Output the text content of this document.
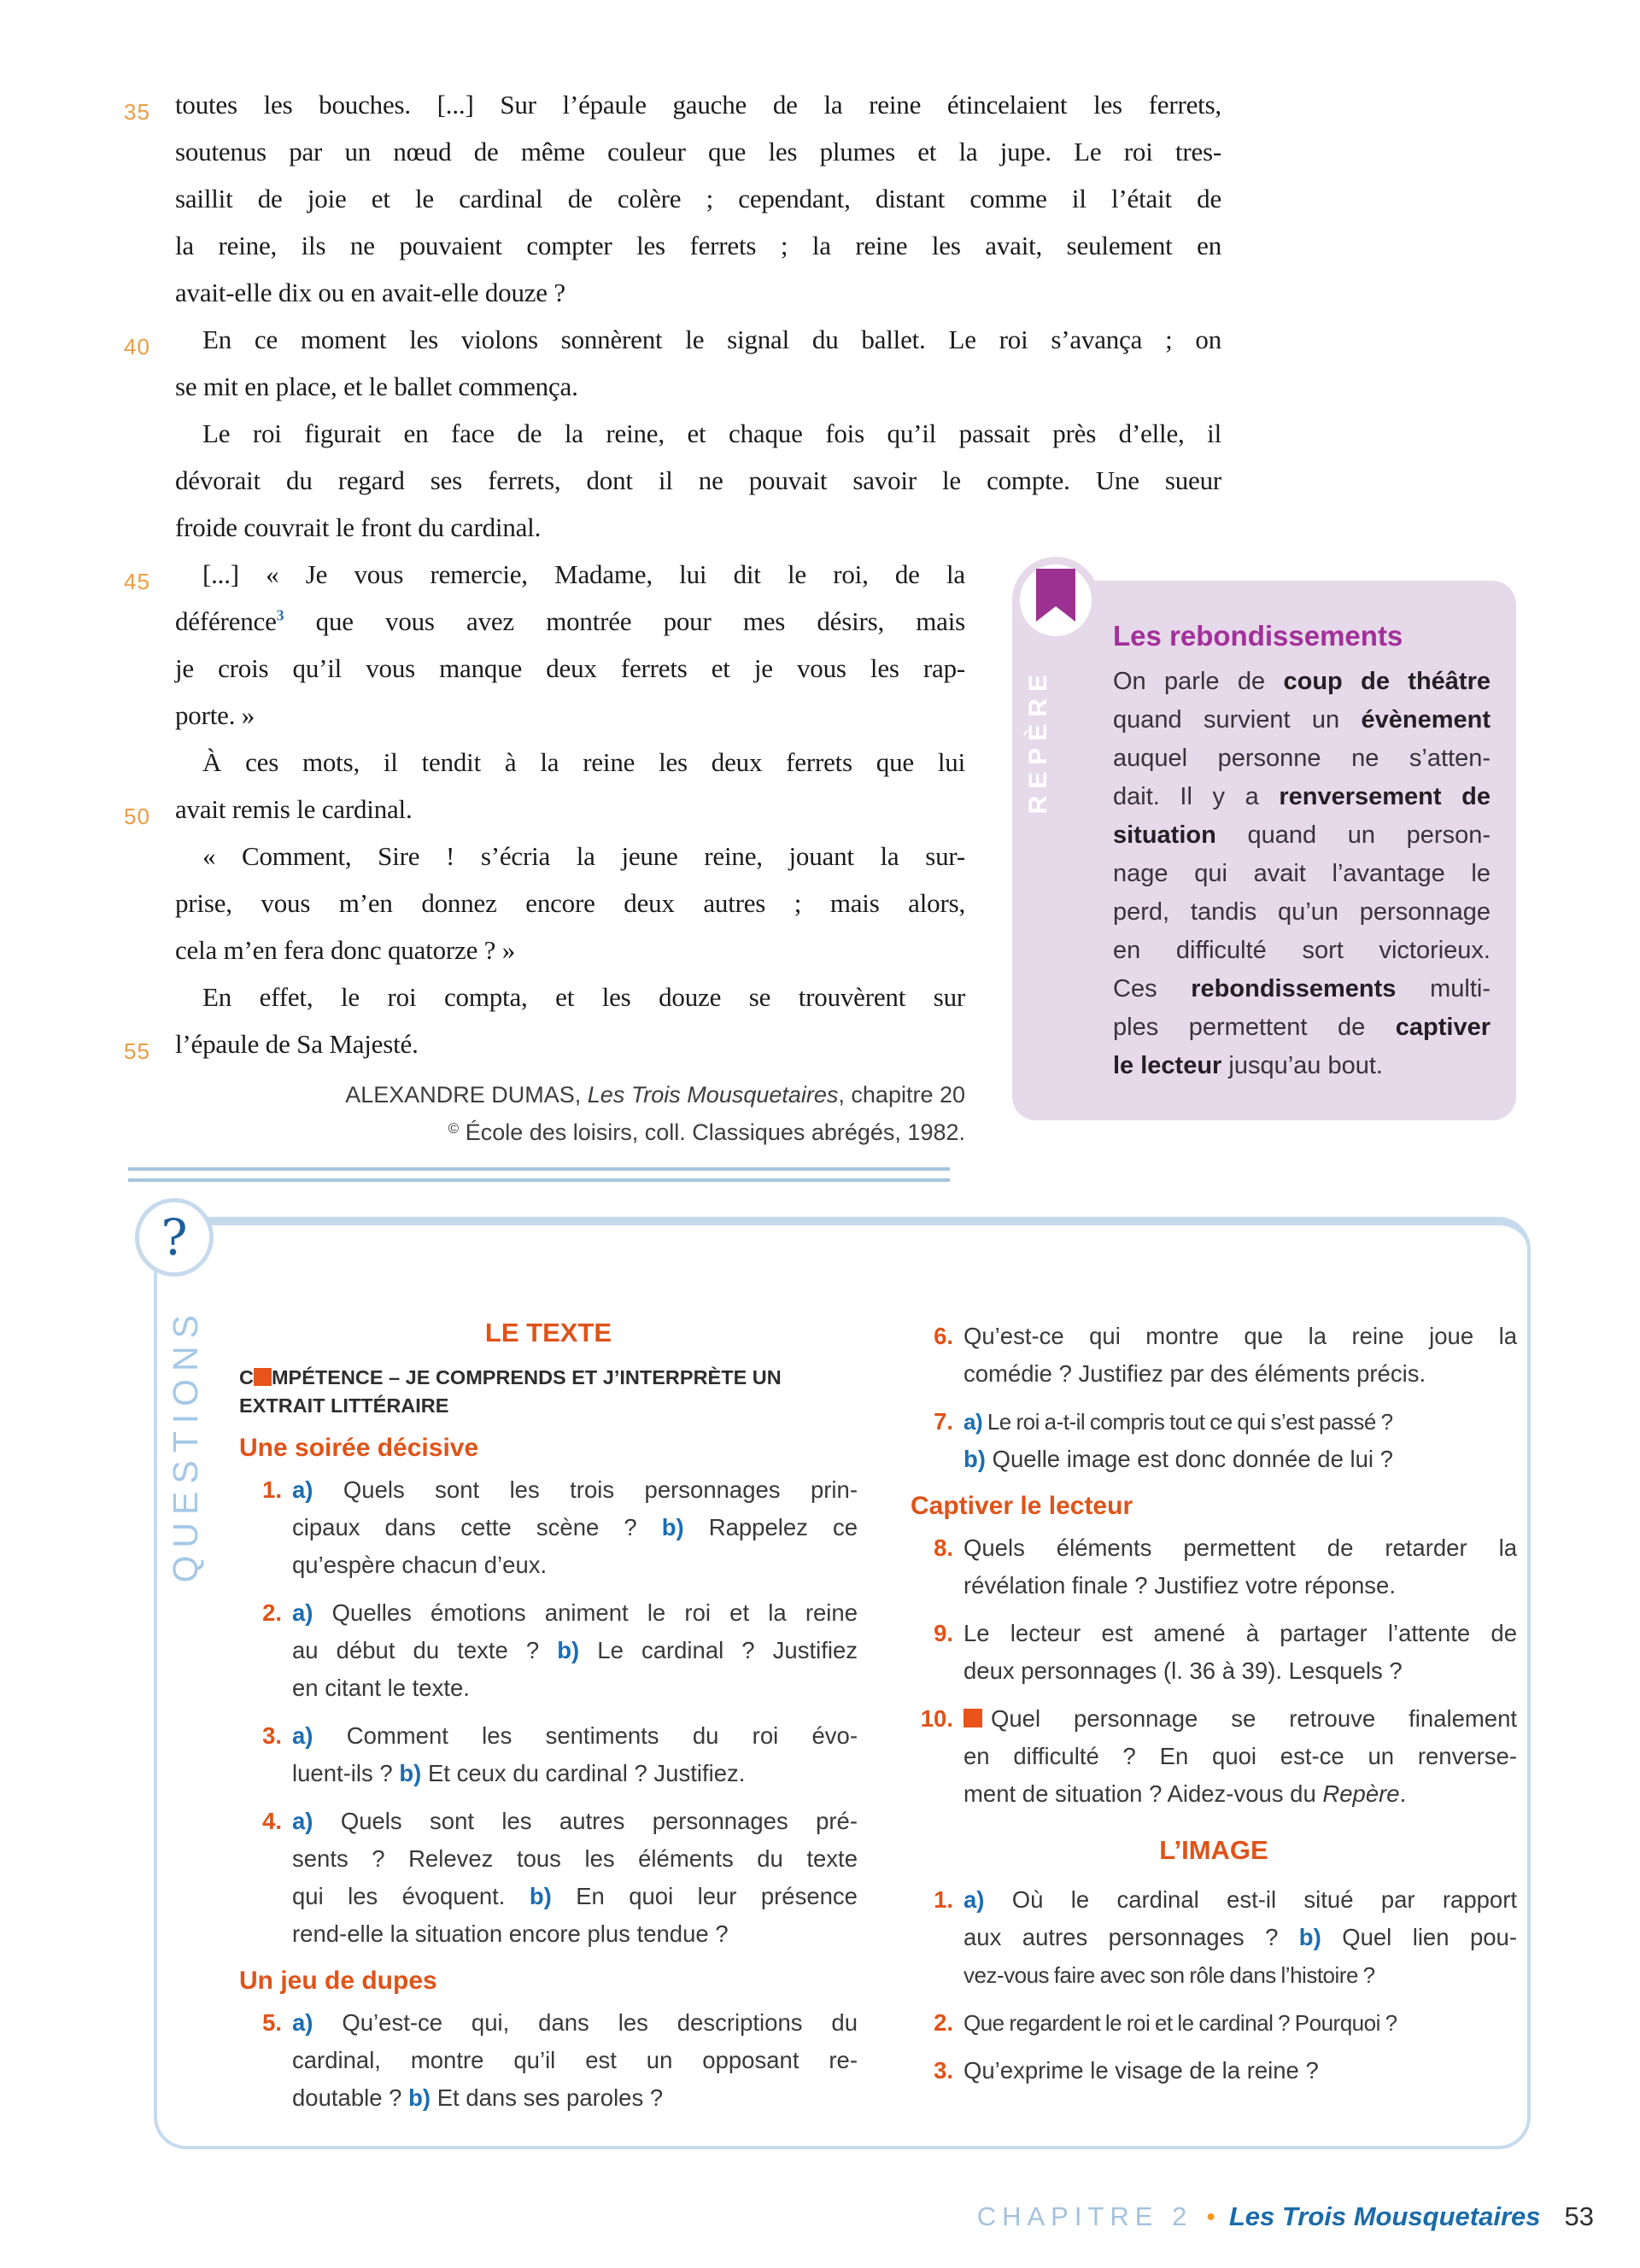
35 toutes les bouches. [...] Sur l’épaule gauche de la reine étincelaient les ferrets,
soutenus par un nœud de même couleur que les plumes et la jupe. Le roi tres-
saillit de joie et le cardinal de colère ; cependant, distant comme il l’était de
la reine, ils ne pouvaient compter les ferrets ; la reine les avait, seulement en
avait-elle dix ou en avait-elle douze ?
40 En ce moment les violons sonnèrent le signal du ballet. Le roi s’avança ; on
se mit en place, et le ballet commença.
Le roi figurait en face de la reine, et chaque fois qu’il passait près d’elle, il
dévorait du regard ses ferrets, dont il ne pouvait savoir le compte. Une sueur
froide couvrait le front du cardinal.
45 [...] « Je vous remercie, Madame, lui dit le roi, de la
déférence$^3$ que vous avez montrée pour mes désirs, mais
je crois qu’il vous manque deux ferrets et je vous les rap-
porte. »
À ces mots, il tendit à la reine les deux ferrets que lui
50 avait remis le cardinal.
« Comment, Sire ! s’écria la jeune reine, jouant la sur-
prise, vous m’en donnez encore deux autres ; mais alors,
cela m’en fera donc quatorze ? »
En effet, le roi compta, et les douze se trouvèrent sur
55 l’épaule de Sa Majesté.
ALEXANDRE DUMAS, Les Trois Mousquetaires, chapitre 20
© École des loisirs, coll. Classiques abrégés, 1982.
REPÈRE
Les rebondissements
On parle de coup de théâtre
quand survient un évènement
auquel personne ne s’atten-
dait. Il y a renversement de
situation quand un person-
nage qui avait l’avantage le
perd, tandis qu’un personnage
en difficulté sort victorieux.
Ces rebondissements multi-
ples permettent de captiver
le lecteur jusqu’au bout.
?
QUESTIONS	LE TEXTE
C MPÉTENCE – JE COMPRENDS ET J’INTERPRÈTE UN
EXTRAIT LITTÉRAIRE
Une soirée décisive
1. a) Quels sont les trois personnages prin-
cipaux dans cette scène ? b) Rappelez ce
qu’espère chacun d’eux.
2. a) Quelles émotions animent le roi et la reine
au début du texte ? b) Le cardinal ? Justifiez
en citant le texte.
3. a) Comment les sentiments du roi évo-
luent-ils ? b) Et ceux du cardinal ? Justifiez.
4. a) Quels sont les autres personnages pré-
sents ? Relevez tous les éléments du texte
qui les évoquent. b) En quoi leur présence
rend-elle la situation encore plus tendue ?
Un jeu de dupes
5. a) Qu’est-ce qui, dans les descriptions du
cardinal, montre qu’il est un opposant re-
doutable ? b) Et dans ses paroles ?
6. Qu’est-ce qui montre que la reine joue la
comédie ? Justifiez par des éléments précis.
7. a) Le roi a-t-il compris tout ce qui s’est passé ?
b) Quelle image est donc donnée de lui ?
Captiver le lecteur
8. Quels éléments permettent de retarder la
révélation finale ? Justifiez votre réponse.
9. Le lecteur est amené à partager l’attente de
deux personnages (l. 36 à 39). Lesquels ?
10.	Quel personnage se retrouve finalement
en difficulté ? En quoi est-ce un renverse-
ment de situation ? Aidez-vous du Repère.
L’IMAGE
1. a) Où le cardinal est-il situé par rapport
aux autres personnages ? b) Quel lien pou-
vez-vous faire avec son rôle dans l’histoire ?
2. Que regardent le roi et le cardinal ? Pourquoi ?
3. Qu’exprime le visage de la reine ?
CHAPITRE 2 • Les Trois Mousquetaires 53
